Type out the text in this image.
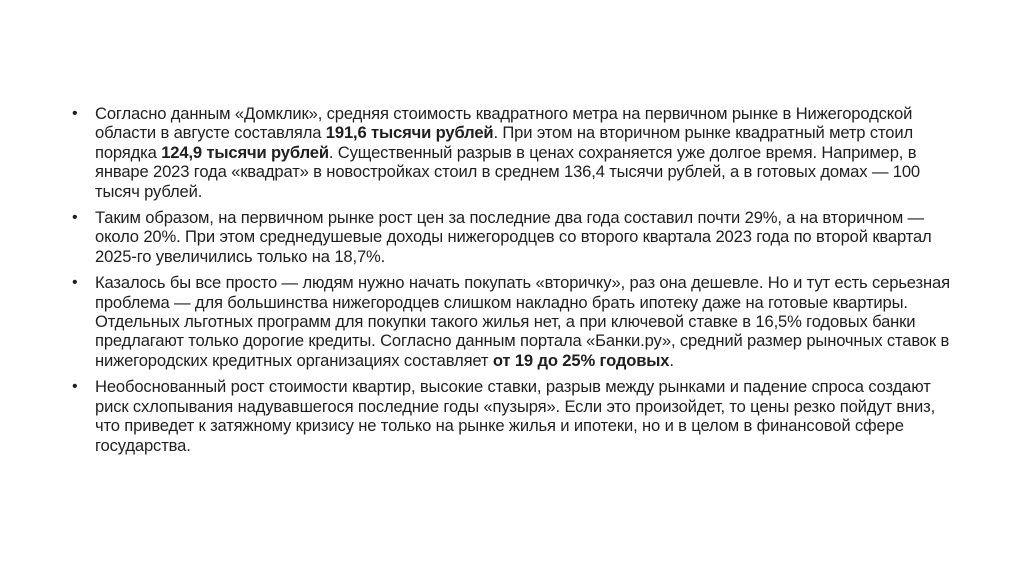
• Согласно данным «Домклик», средняя стоимость квадратного метра на первичном рынке в Нижегородской области в августе составляла 191,6 тысячи рублей. При этом на вторичном рынке квадратный метр стоил порядка 124,9 тысячи рублей. Существенный разрыв в ценах сохраняется уже долгое время. Например, в январе 2023 года «квадрат» в новостройках стоил в среднем 136,4 тысячи рублей, а в готовых домах — 100 тысяч рублей.
• Таким образом, на первичном рынке рост цен за последние два года составил почти 29%, а на вторичном — около 20%. При этом среднедушевые доходы нижегородцев со второго квартала 2023 года по второй квартал 2025-го увеличились только на 18,7%.
• Казалось бы все просто — людям нужно начать покупать «вторичку», раз она дешевле. Но и тут есть серьезная проблема — для большинства нижегородцев слишком накладно брать ипотеку даже на готовые квартиры. Отдельных льготных программ для покупки такого жилья нет, а при ключевой ставке в 16,5% годовых банки предлагают только дорогие кредиты. Согласно данным портала «Банки.ру», средний размер рыночных ставок в нижегородских кредитных организациях составляет от 19 до 25% годовых.
• Необоснованный рост стоимости квартир, высокие ставки, разрыв между рынками и падение спроса создают риск схлопывания надувавшегося последние годы «пузыря». Если это произойдет, то цены резко пойдут вниз, что приведет к затяжному кризису не только на рынке жилья и ипотеки, но и в целом в финансовой сфере государства.
